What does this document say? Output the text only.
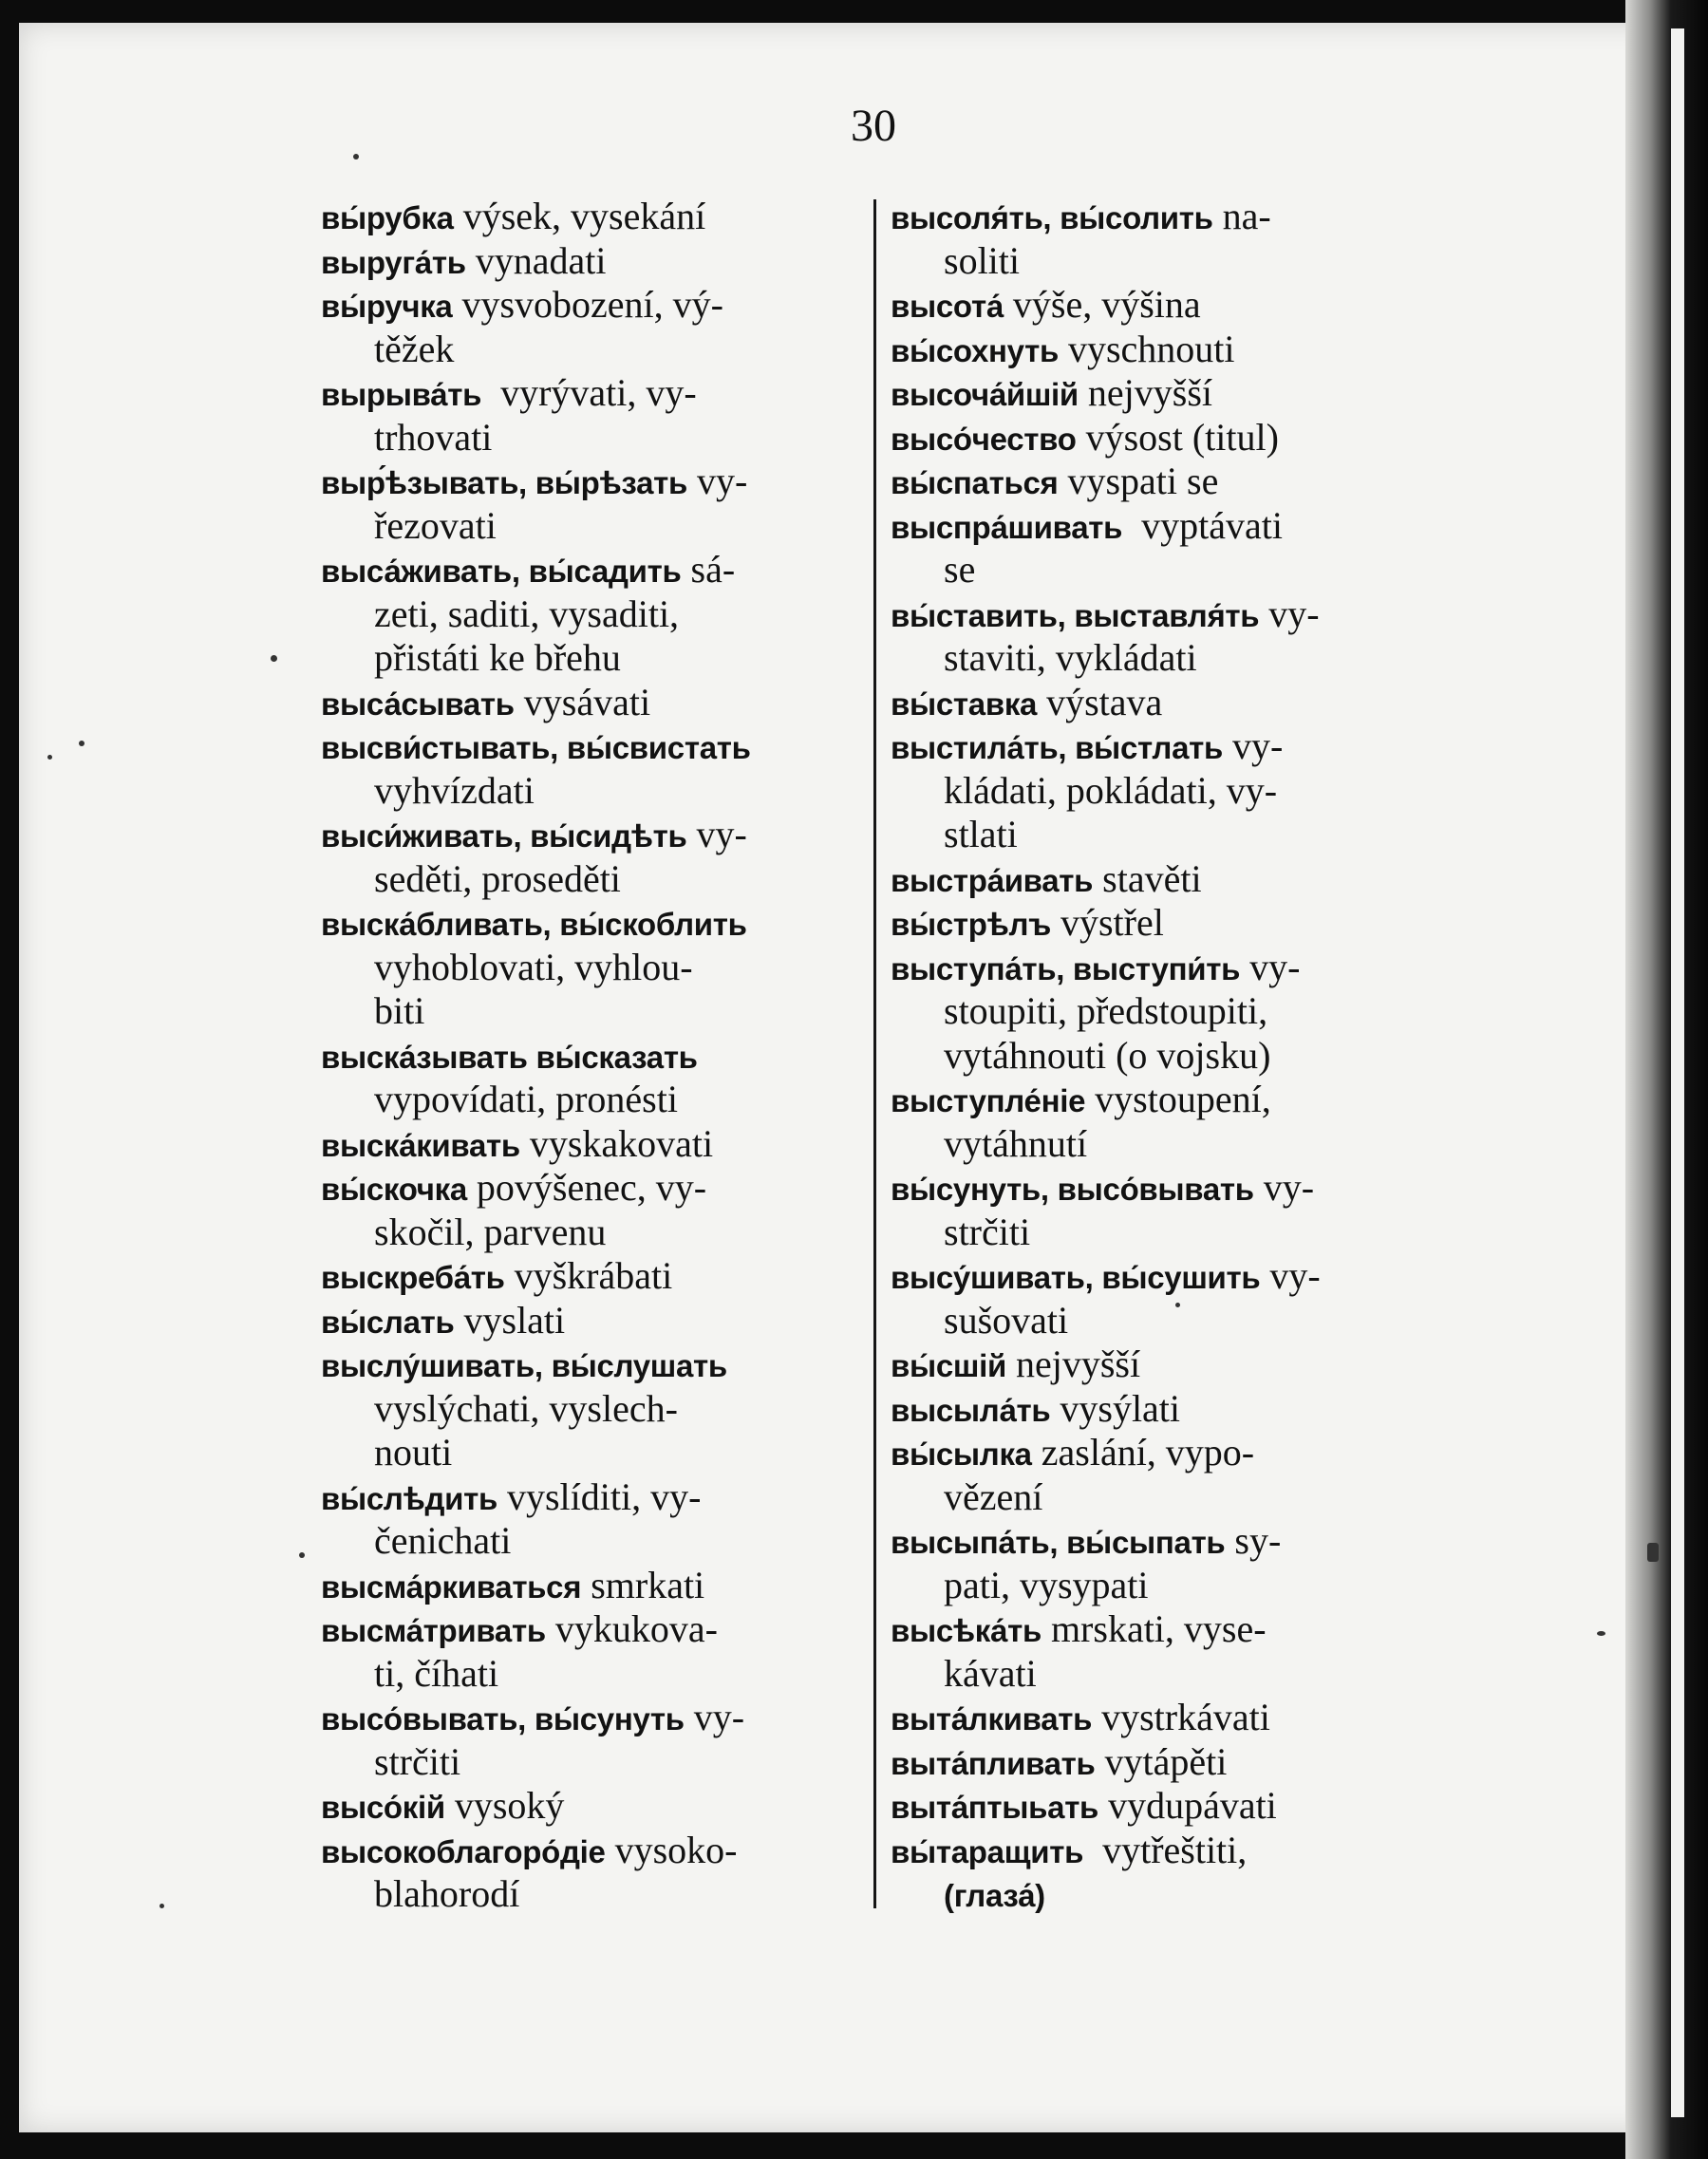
30
вы́рубка výsek, vysekání
выруга́ть vynadati
вы́ручка vysvobození, vý-
těžek
вырыва́ть  vyrývati, vy-
trhovati
выр́ѣзывать, вы́рѣзать vy-
řezovati
выса́живать, вы́садить sá-
zeti, saditi, vysaditi,
přistáti ke břehu
выса́сывать vysávati
высви́стывать, вы́свистать
vyhvízdati
выси́живать, вы́сидѣть vy-
seděti, proseděti
выска́бливать, вы́скоблить
vyhoblovati, vyhlou-
biti
выска́зывать вы́сказать
vypovídati, pronésti
выска́кивать vyskakovati
вы́скочка povýšenec, vy-
skočil, parvenu
выскреба́ть vyškrábati
вы́слать vyslati
выслу́шивать, вы́слушать
vyslýchati, vyslech-
nouti
вы́слѣдить vyslíditi, vy-
čenichati
высма́ркиваться smrkati
высма́тривать vykukova-
ti, číhati
высо́вывать, вы́сунуть vy-
strčiti
высо́кій vysoký
высокоблагоро́діе vysoko-
blahorodí
высоля́ть, вы́солить na-
soliti
высота́ výše, výšina
вы́сохнуть vyschnouti
высоча́йшій nejvyšší
высо́чество výsost (titul)
вы́спаться vyspati se
выспра́шивать  vyptávati
se
вы́ставить, выставля́ть vy-
staviti, vykládati
вы́ставка výstava
выстила́ть, вы́стлать vy-
kládati, pokládati, vy-
stlati
выстра́ивать stavěti
вы́стрѣлъ výstřel
выступа́ть, выступи́ть vy-
stoupiti, předstoupiti,
vytáhnouti (o vojsku)
выступле́ніе vystoupení,
vytáhnutí
вы́сунуть, высо́вывать vy-
strčiti
высу́шивать, вы́сушить vy-
sušovati
вы́сшій nejvyšší
высыла́ть vysýlati
вы́сылка zaslání, vypo-
vězení
высыпа́ть, вы́сыпать sy-
pati, vysypati
высѣка́ть mrskati, vyse-
kávati
выта́лкивать vystrkávati
выта́пливать vytápěti
выта́птыьать vydupávati
вы́таращить  vytřeštiti,
(глаза́)
